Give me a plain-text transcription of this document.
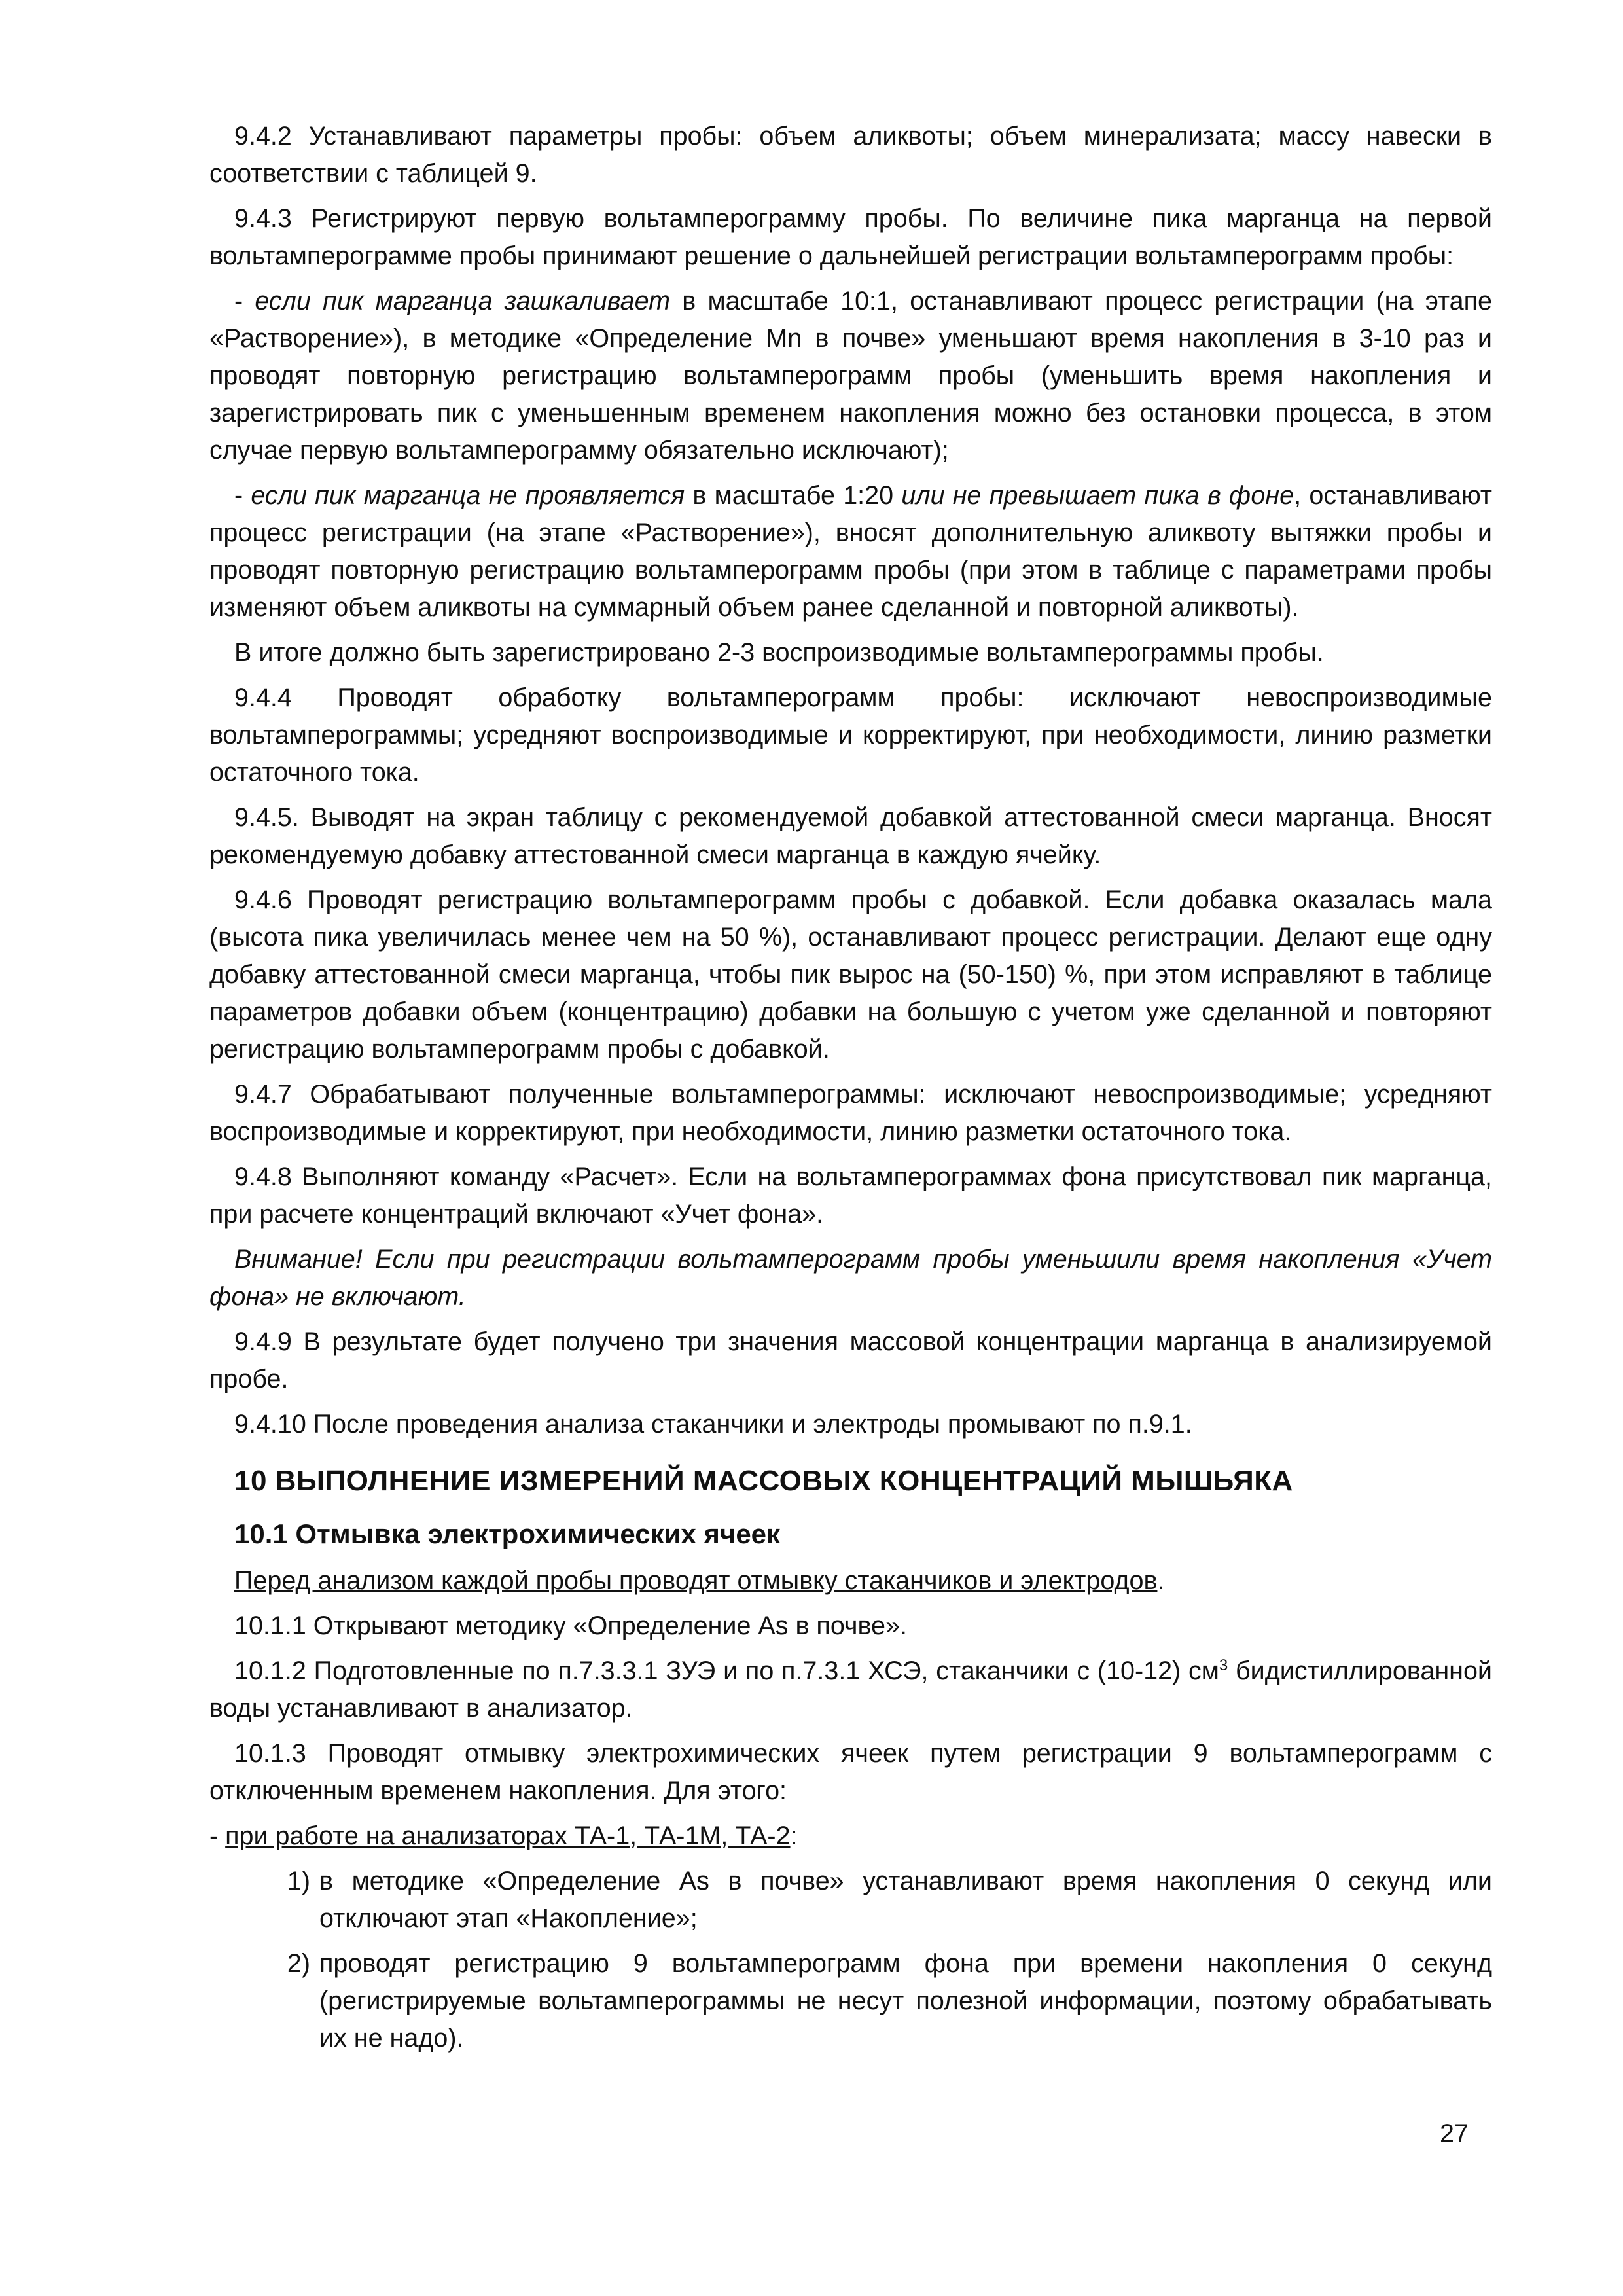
9.4.2 Устанавливают параметры пробы: объем аликвоты; объем минерализата; массу навески в соответствии с таблицей 9.

9.4.3 Регистрируют первую вольтамперограмму пробы. По величине пика марганца на первой вольтамперограмме пробы принимают решение о дальнейшей регистрации вольтамперограмм пробы:

- если пик марганца зашкаливает в масштабе 10:1, останавливают процесс регистрации (на этапе «Растворение»), в методике «Определение Mn в почве» уменьшают время накопления в 3-10 раз и проводят повторную регистрацию вольтамперограмм пробы (уменьшить время накопления и зарегистрировать пик с уменьшенным временем накопления можно без остановки процесса, в этом случае первую вольтамперограмму обязательно исключают);

- если пик марганца не проявляется в масштабе 1:20 или не превышает пика в фоне, останавливают процесс регистрации (на этапе «Растворение»), вносят дополнительную аликвоту вытяжки пробы и проводят повторную регистрацию вольтамперограмм пробы (при этом в таблице с параметрами пробы изменяют объем аликвоты на суммарный объем ранее сделанной и повторной аликвоты).

В итоге должно быть зарегистрировано 2-3 воспроизводимые вольтамперограммы пробы.

9.4.4 Проводят обработку вольтамперограмм пробы: исключают невоспроизводимые вольтамперограммы; усредняют воспроизводимые и корректируют, при необходимости, линию разметки остаточного тока.

9.4.5. Выводят на экран таблицу с рекомендуемой добавкой аттестованной смеси марганца. Вносят рекомендуемую добавку аттестованной смеси марганца в каждую ячейку.

9.4.6 Проводят регистрацию вольтамперограмм пробы с добавкой. Если добавка оказалась мала (высота пика увеличилась менее чем на 50 %), останавливают процесс регистрации. Делают еще одну добавку аттестованной смеси марганца, чтобы пик вырос на (50-150) %, при этом исправляют в таблице параметров добавки объем (концентрацию) добавки на большую с учетом уже сделанной и повторяют регистрацию вольтамперограмм пробы с добавкой.

9.4.7 Обрабатывают полученные вольтамперограммы: исключают невоспроизводимые; усредняют воспроизводимые и корректируют, при необходимости, линию разметки остаточного тока.

9.4.8 Выполняют команду «Расчет». Если на вольтамперограммах фона присутствовал пик марганца, при расчете концентраций включают «Учет фона».

Внимание! Если при регистрации вольтамперограмм пробы уменьшили время накопления «Учет фона» не включают.

9.4.9 В результате будет получено три значения массовой концентрации марганца в анализируемой пробе.

9.4.10 После проведения анализа стаканчики и электроды промывают по п.9.1.

10 ВЫПОЛНЕНИЕ ИЗМЕРЕНИЙ МАССОВЫХ КОНЦЕНТРАЦИЙ МЫШЬЯКА
10.1 Отмывка электрохимических ячеек

Перед анализом каждой пробы проводят отмывку стаканчиков и электродов.

10.1.1 Открывают методику «Определение As в почве».

10.1.2 Подготовленные по п.7.3.3.1 ЗУЭ и по п.7.3.1 ХСЭ, стаканчики с (10-12) $см^3$ бидистиллированной воды устанавливают в анализатор.

10.1.3 Проводят отмывку электрохимических ячеек путем регистрации 9 вольтамперограмм с отключенным временем накопления. Для этого:

- при работе на анализаторах ТА-1, ТА-1М, ТА-2:

1) в методике «Определение As в почве» устанавливают время накопления 0 секунд или отключают этап «Накопление»;
2) проводят регистрацию 9 вольтамперограмм фона при времени накопления 0 секунд (регистрируемые вольтамперограммы не несут полезной информации, поэтому обрабатывать их не надо).
27
